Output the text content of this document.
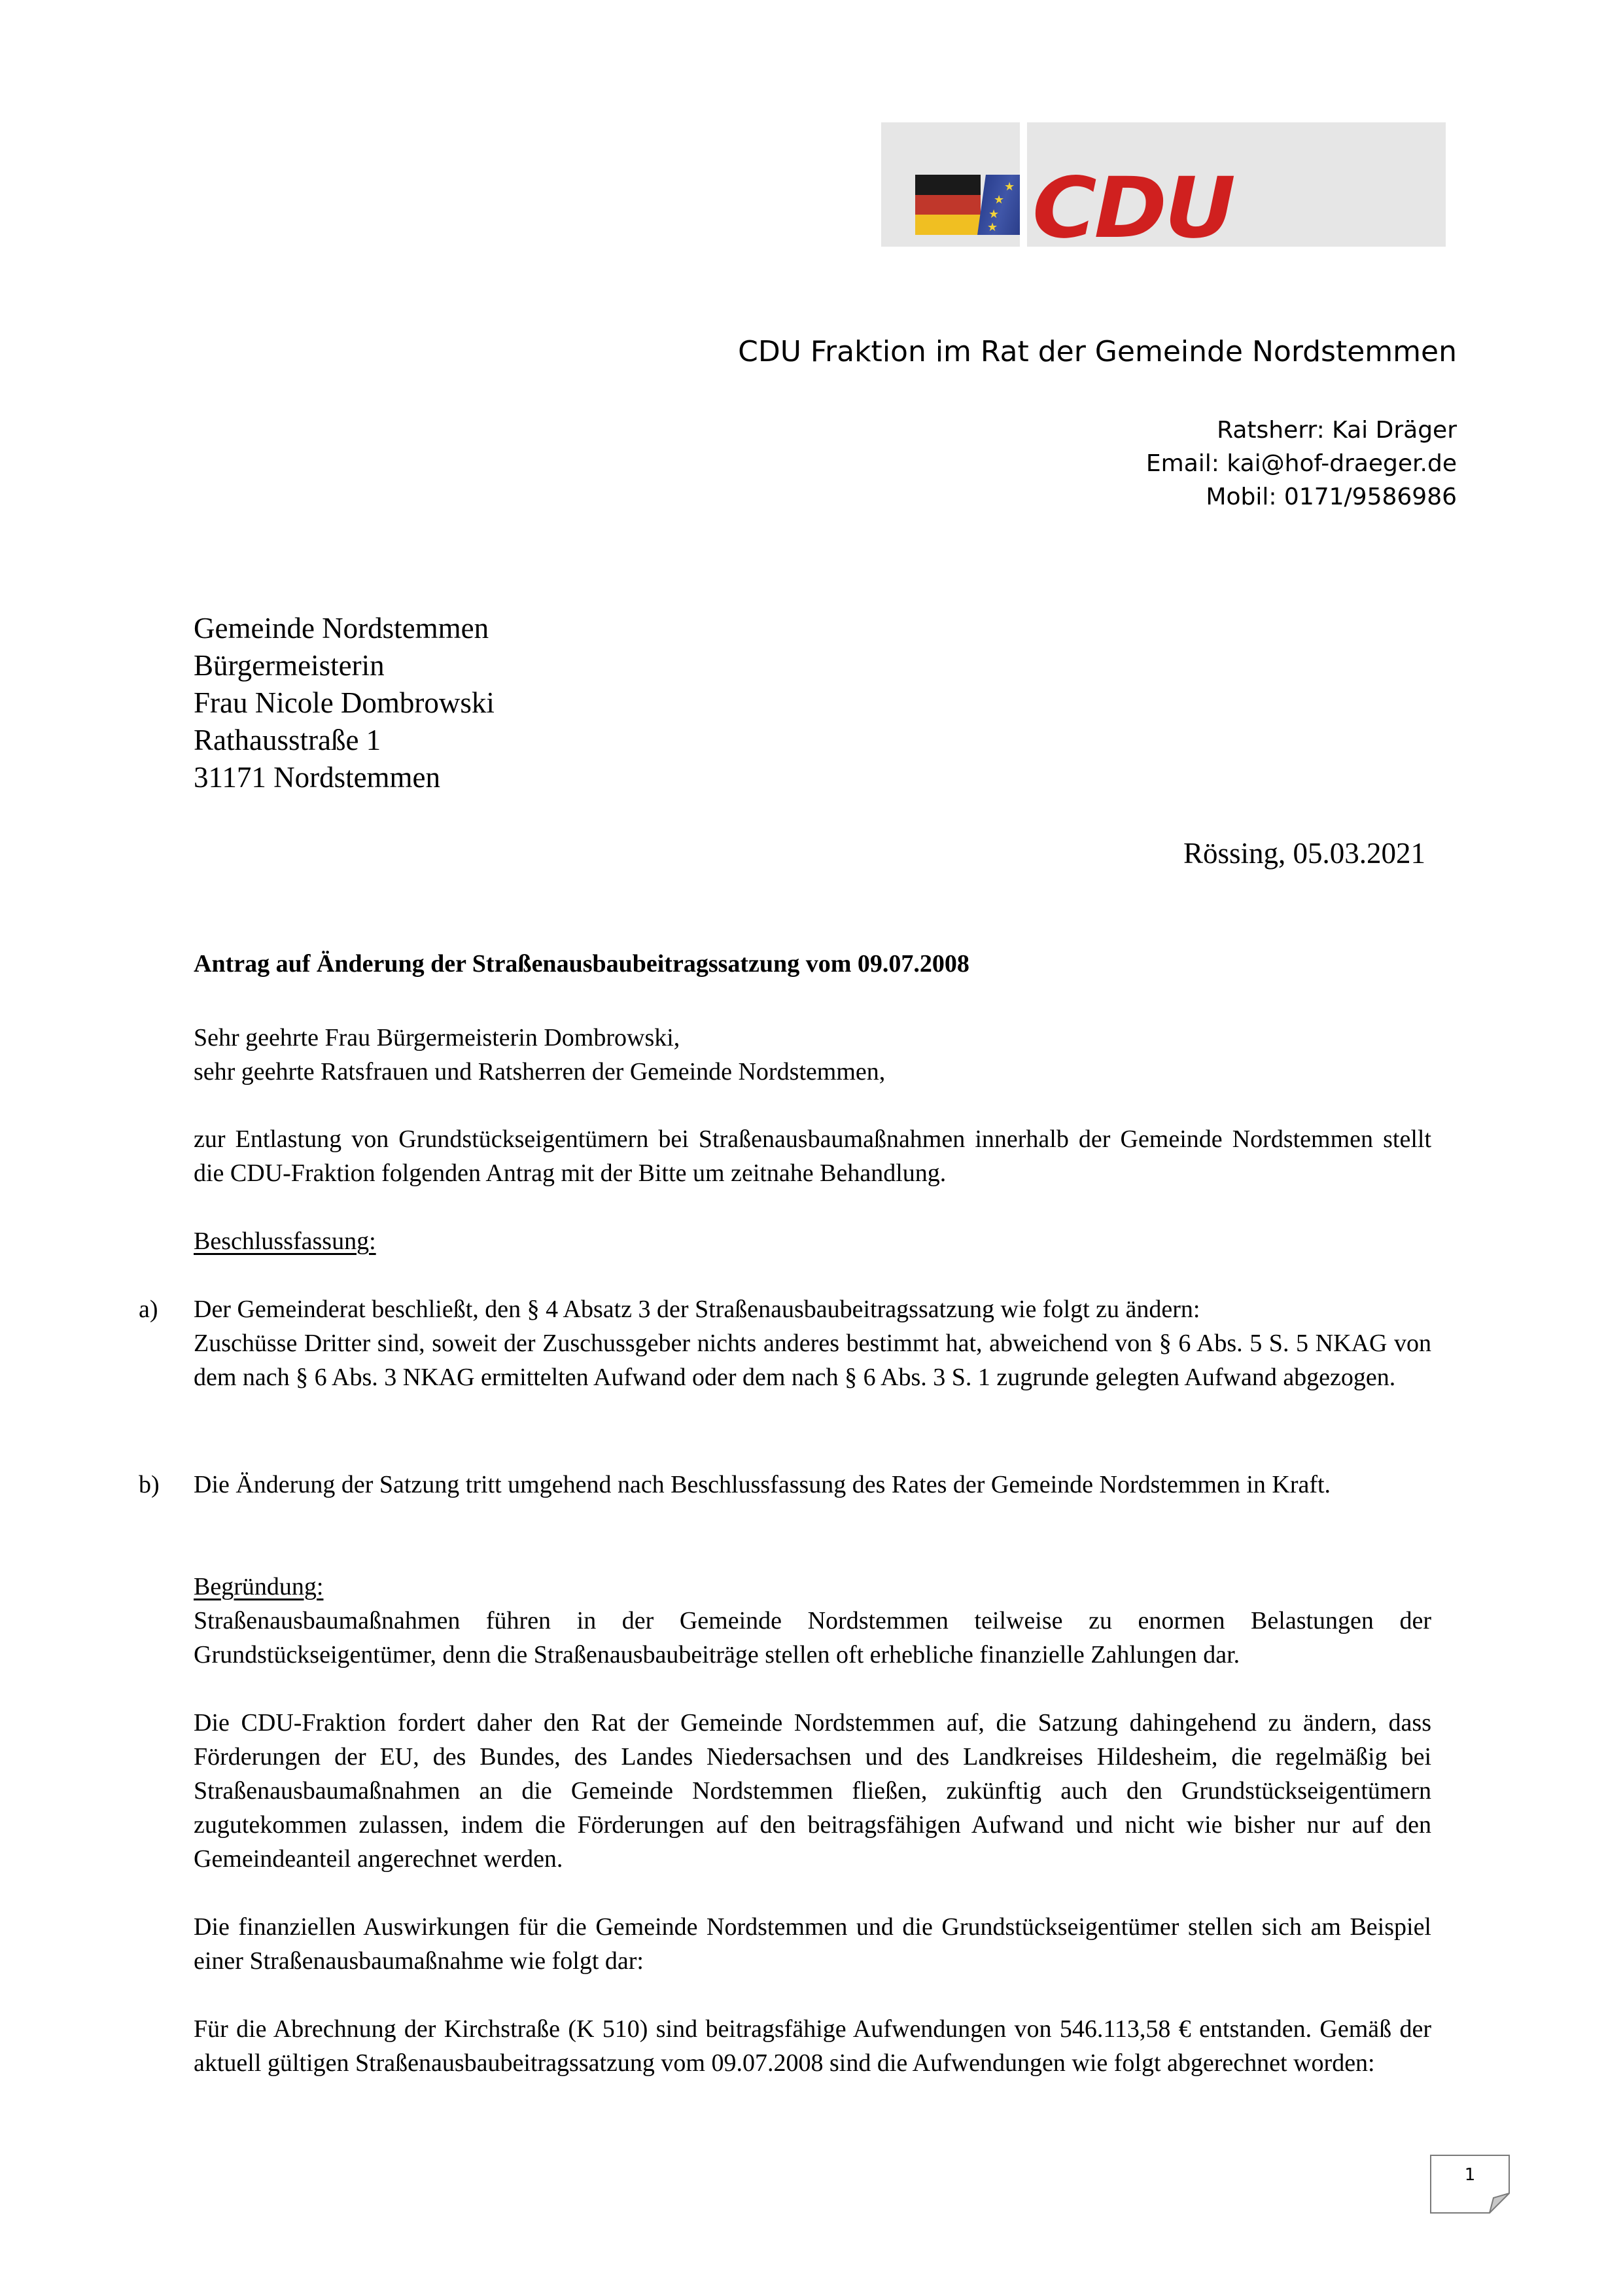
★
★
★
★ CDU
CDU Fraktion im Rat der Gemeinde Nordstemmen
Ratsherr: Kai Dräger
Email: kai@hof-draeger.de
Mobil: 0171/9586986
Gemeinde Nordstemmen
Bürgermeisterin
Frau Nicole Dombrowski
Rathausstraße 1
31171 Nordstemmen
Rössing, 05.03.2021
Antrag auf Änderung der Straßenausbaubeitragssatzung vom 09.07.2008
Sehr geehrte Frau Bürgermeisterin Dombrowski,
sehr geehrte Ratsfrauen und Ratsherren der Gemeinde Nordstemmen,
zur Entlastung von Grundstückseigentümern bei Straßenausbaumaßnahmen innerhalb der Gemeinde Nordstemmen stellt die CDU-Fraktion folgenden Antrag mit der Bitte um zeitnahe Behandlung.
Beschlussfassung:
a)	Der Gemeinderat beschließt, den § 4 Absatz 3 der Straßenausbaubeitragssatzung wie folgt zu ändern:
Zuschüsse Dritter sind, soweit der Zuschussgeber nichts anderes bestimmt hat, abweichend von § 6 Abs. 5 S. 5 NKAG von dem nach § 6 Abs. 3 NKAG ermittelten Aufwand oder dem nach § 6 Abs. 3 S. 1 zugrunde gelegten Aufwand abgezogen.
b)	Die Änderung der Satzung tritt umgehend nach Beschlussfassung des Rates der Gemeinde Nordstemmen in Kraft.
Begründung:
Straßenausbaumaßnahmen führen in der Gemeinde Nordstemmen teilweise zu enormen Belastungen der Grundstückseigentümer, denn die Straßenausbaubeiträge stellen oft erhebliche finanzielle Zahlungen dar.
Die CDU-Fraktion fordert daher den Rat der Gemeinde Nordstemmen auf, die Satzung dahingehend zu ändern, dass Förderungen der EU, des Bundes, des Landes Niedersachsen und des Landkreises Hildesheim, die regelmäßig bei Straßenausbaumaßnahmen an die Gemeinde Nordstemmen fließen, zukünftig auch den Grundstückseigentümern zugutekommen zulassen, indem die Förderungen auf den beitragsfähigen Aufwand und nicht wie bisher nur auf den Gemeindeanteil angerechnet werden.
Die finanziellen Auswirkungen für die Gemeinde Nordstemmen und die Grundstückseigentümer stellen sich am Beispiel einer Straßenausbaumaßnahme wie folgt dar:
Für die Abrechnung der Kirchstraße (K 510) sind beitragsfähige Aufwendungen von 546.113,58 € entstanden. Gemäß der aktuell gültigen Straßenausbaubeitragssatzung vom 09.07.2008 sind die Aufwendungen wie folgt abgerechnet worden:
1
